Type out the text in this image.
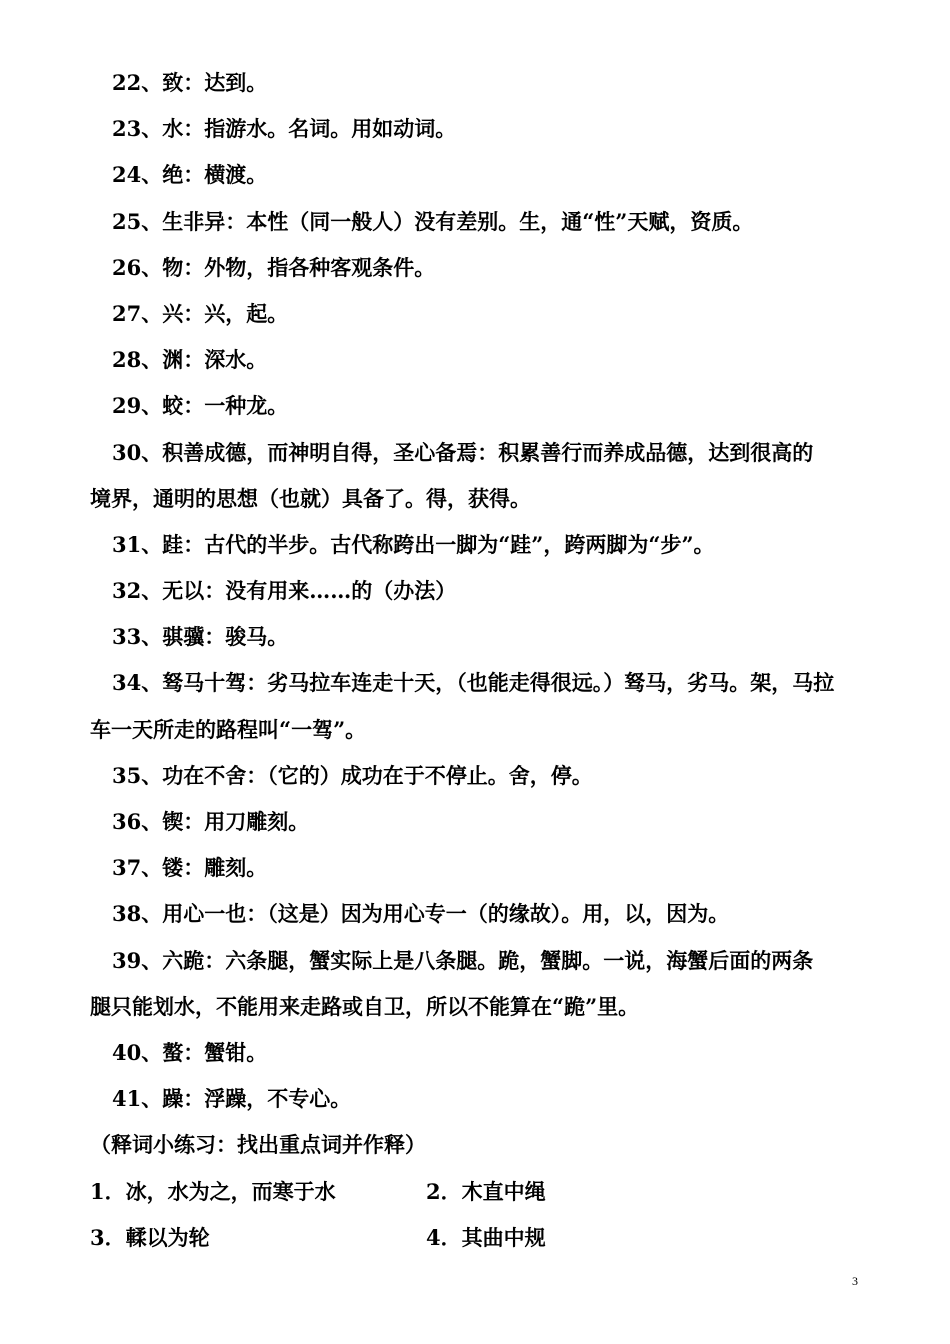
22、致：达到。
23、水：指游水。名词。用如动词。
24、绝：横渡。
25、生非异：本性（同一般人）没有差别。生，通“性”天赋，资质。
26、物：外物，指各种客观条件。
27、兴：兴，起。
28、渊：深水。
29、蛟：一种龙。
30、积善成德，而神明自得，圣心备焉：积累善行而养成品德，达到很高的
境界，通明的思想（也就）具备了。得，获得。
31、跬：古代的半步。古代称跨出一脚为“跬”，跨两脚为“步”。
32、无以：没有用来……的（办法）
33、骐骥：骏马。
34、驽马十驾：劣马拉车连走十天，（也能走得很远。）驽马，劣马。架，马拉
车一天所走的路程叫“一驾”。
35、功在不舍：（它的）成功在于不停止。舍，停。
36、锲：用刀雕刻。
37、镂：雕刻。
38、用心一也：（这是）因为用心专一（的缘故）。用，以，因为。
39、六跪：六条腿，蟹实际上是八条腿。跪，蟹脚。一说，海蟹后面的两条
腿只能划水，不能用来走路或自卫，所以不能算在“跪”里。
40、螯：蟹钳。
41、躁：浮躁，不专心。
（释词小练习：找出重点词并作释）
1．冰，水为之，而寒于水	2．木直中绳
3．輮以为轮	4．其曲中规
3
